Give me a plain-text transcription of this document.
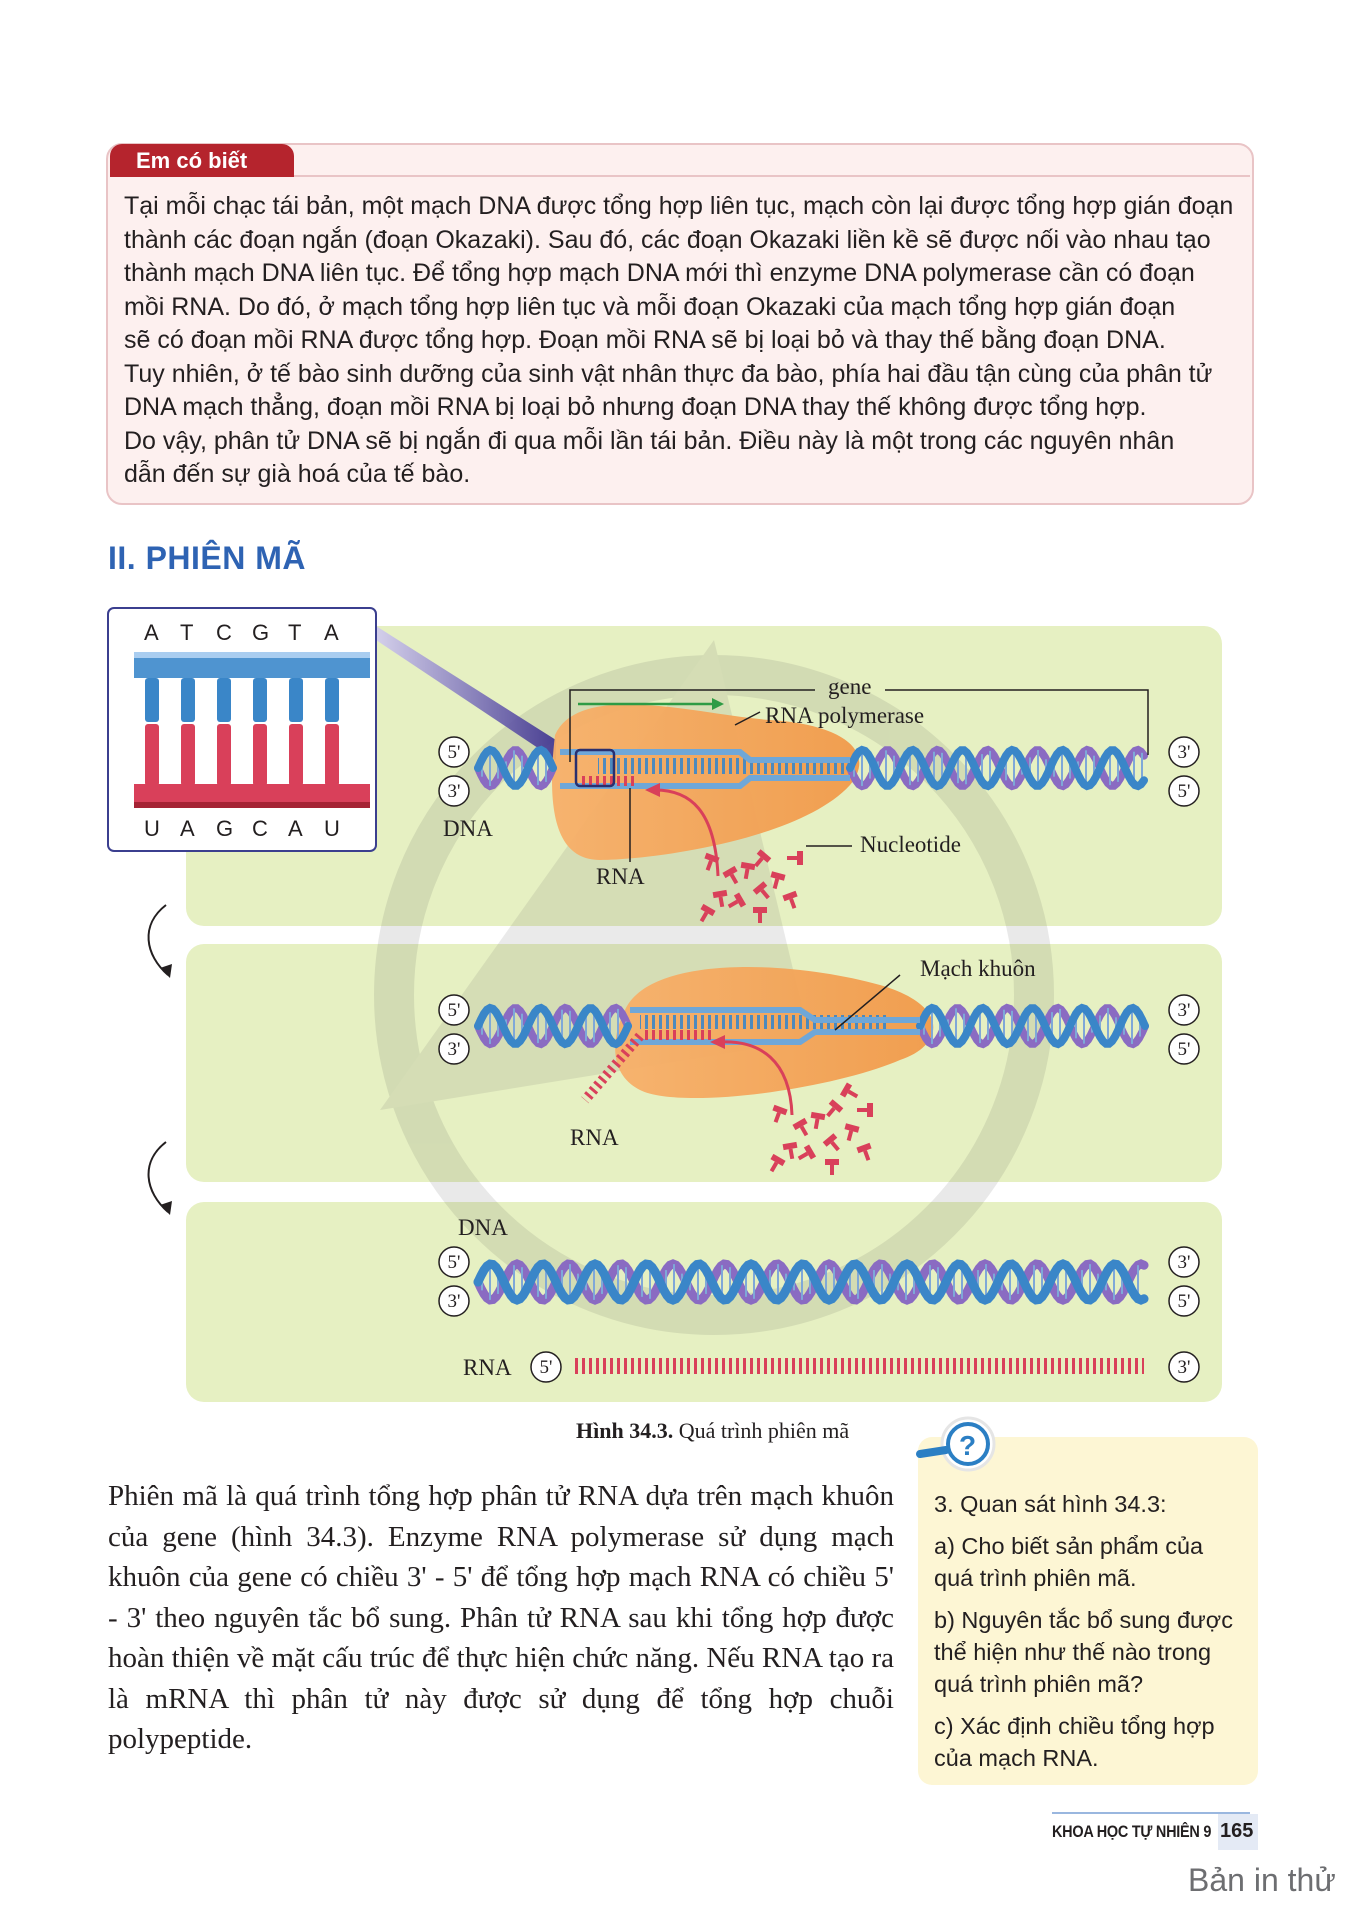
Em có biết
Tại mỗi chạc tái bản, một mạch DNA được tổng hợp liên tục, mạch còn lại được tổng hợp gián đoạn
thành các đoạn ngắn (đoạn Okazaki). Sau đó, các đoạn Okazaki liền kề sẽ được nối vào nhau tạo
thành mạch DNA liên tục. Để tổng hợp mạch DNA mới thì enzyme DNA polymerase cần có đoạn
mồi RNA. Do đó, ở mạch tổng hợp liên tục và mỗi đoạn Okazaki của mạch tổng hợp gián đoạn
sẽ có đoạn mồi RNA được tổng hợp. Đoạn mồi RNA sẽ bị loại bỏ và thay thế bằng đoạn DNA.
Tuy nhiên, ở tế bào sinh dưỡng của sinh vật nhân thực đa bào, phía hai đầu tận cùng của phân tử
DNA mạch thẳng, đoạn mồi RNA bị loại bỏ nhưng đoạn DNA thay thế không được tổng hợp.
Do vậy, phân tử DNA sẽ bị ngắn đi qua mỗi lần tái bản. Điều này là một trong các nguyên nhân
dẫn đến sự già hoá của tế bào.
II. PHIÊN MÃ
A T C G T A
U A G C A U
5'
3'
3'
5'
5'
3'
3'
5'
5'
3'
3'
5'
5'	3'
gene
RNA polymerase
DNA
RNA
Nucleotide
Mạch khuôn
RNA
DNA
RNA
Hình 34.3. Quá trình phiên mã
Phiên mã là quá trình tổng hợp phân tử RNA dựa trên mạch khuôn của gene (hình 34.3). Enzyme RNA polymerase sử dụng mạch khuôn của gene có chiều 3' - 5' để tổng hợp mạch RNA có chiều 5' - 3' theo nguyên tắc bổ sung. Phân tử RNA sau khi tổng hợp được hoàn thiện về mặt cấu trúc để thực hiện chức năng. Nếu RNA tạo ra là mRNA thì phân tử này được sử dụng để tổng hợp chuỗi polypeptide.
?

3. Quan sát hình 34.3:

a) Cho biết sản phẩm của quá trình phiên mã.

b) Nguyên tắc bổ sung được thể hiện như thế nào trong quá trình phiên mã?

c) Xác định chiều tổng hợp của mạch RNA.

KHOA HỌC TỰ NHIÊN 9 165
Bản in thử
